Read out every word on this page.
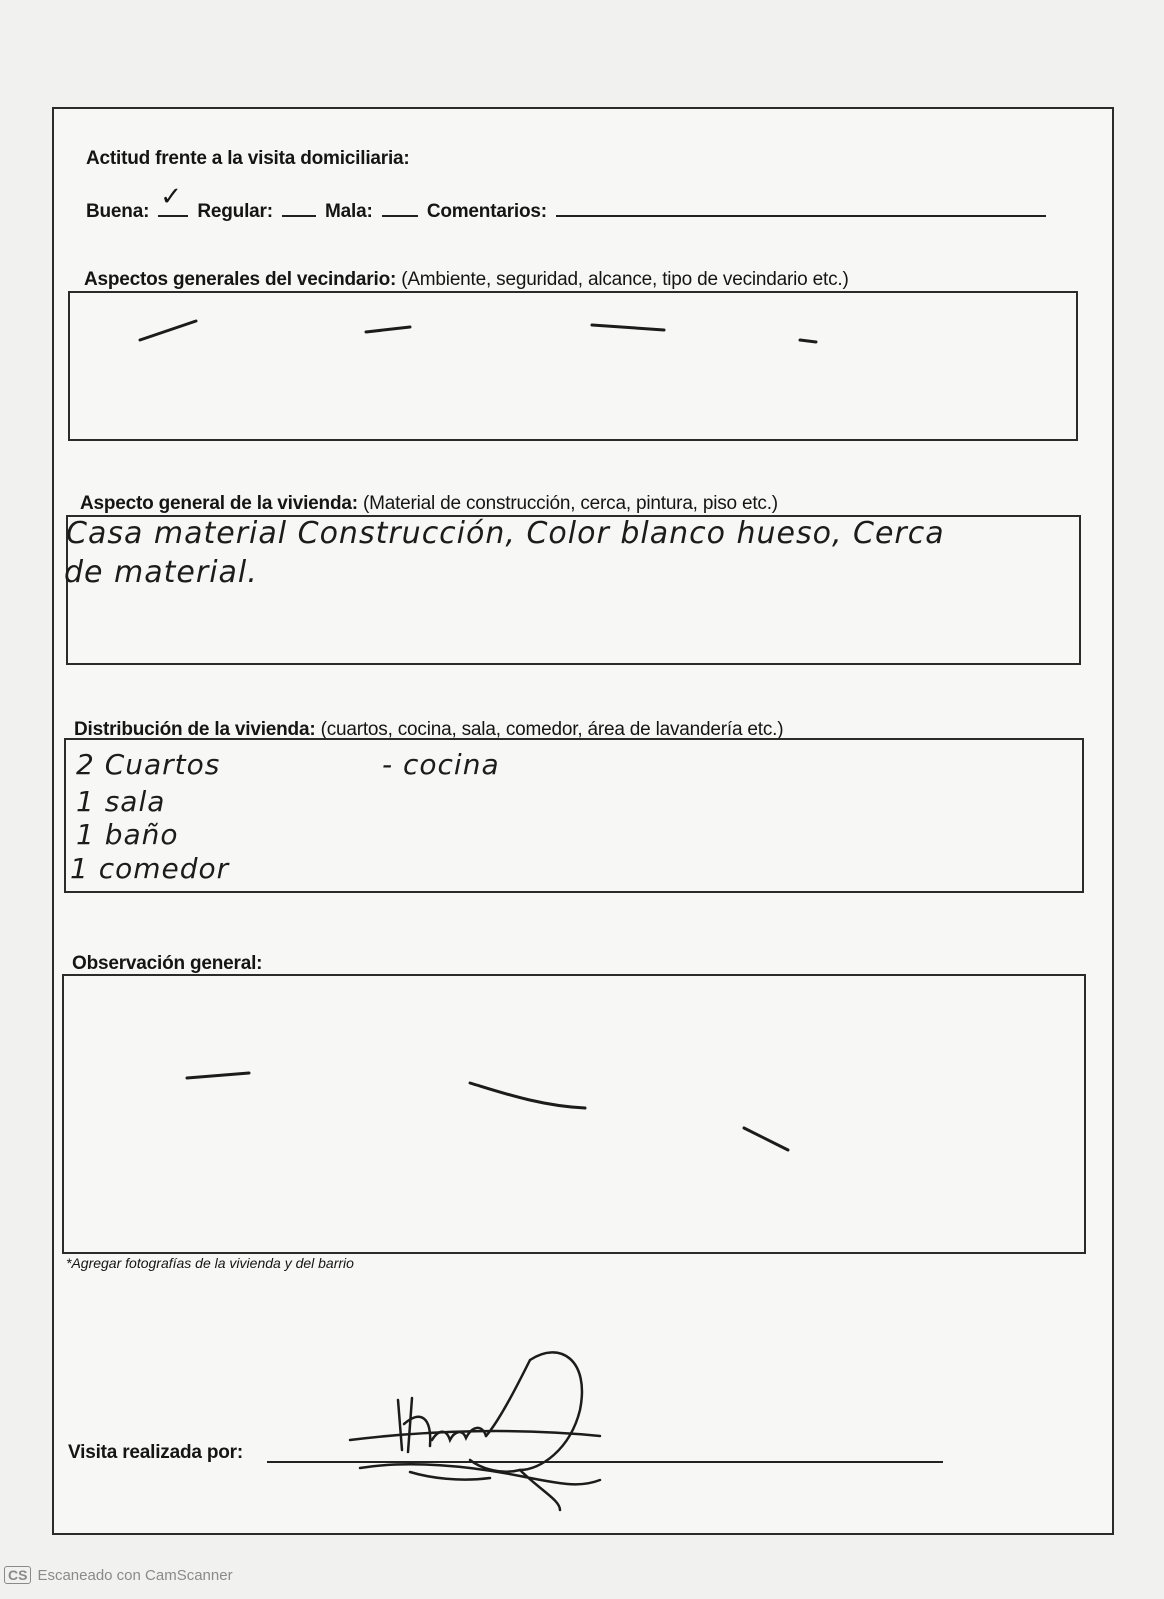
Actitud frente a la visita domiciliaria:
Buena:
✓
Regular:	Mala:	Comentarios:
Aspectos generales del vecindario: (Ambiente, seguridad, alcance, tipo de vecindario etc.)
Aspecto general de la vivienda: (Material de construcción, cerca, pintura, piso etc.)
Casa material Construcción, Color blanco hueso, Cerca
de material.
Distribución de la vivienda: (cuartos, cocina, sala, comedor, área de lavandería etc.)
2 Cuartos	- cocina
1 sala
1 baño
1 comedor
Observación general:
*Agregar fotografías de la vivienda y del barrio
Visita realizada por:
CS Escaneado con CamScanner
